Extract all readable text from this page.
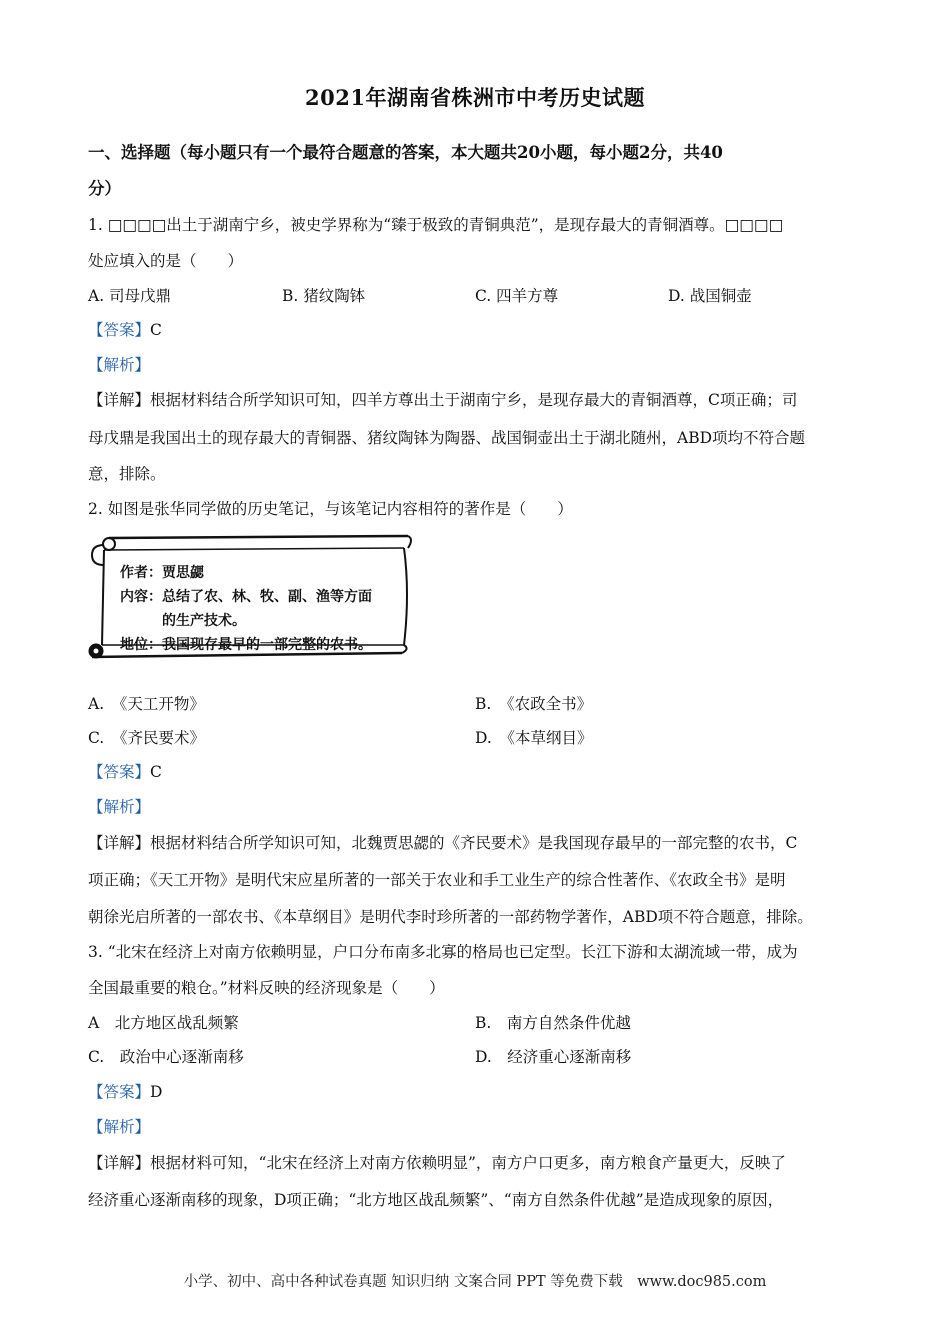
2021年湖南省株洲市中考历史试题
一、选择题（每小题只有一个最符合题意的答案，本大题共20小题，每小题2分，共40
分）
1. □□□□出土于湖南宁乡，被史学界称为“臻于极致的青铜典范”，是现存最大的青铜酒尊。□□□□
处应填入的是（　　）
A. 司母戊鼎	B. 猪纹陶钵	C. 四羊方尊	D. 战国铜壶
【答案】C
【解析】
【详解】根据材料结合所学知识可知，四羊方尊出土于湖南宁乡，是现存最大的青铜酒尊，C项正确；司
母戊鼎是我国出土的现存最大的青铜器、猪纹陶钵为陶器、战国铜壶出土于湖北随州，ABD项均不符合题
意，排除。
2. 如图是张华同学做的历史笔记，与该笔记内容相符的著作是（　　）
作者：贾思勰
内容：总结了农、林、牧、副、渔等方面
的生产技术。
地位：我国现存最早的一部完整的农书。
A.　《天工开物》	B.　《农政全书》
C.　《齐民要术》	D.　《本草纲目》
【答案】C
【解析】
【详解】根据材料结合所学知识可知，北魏贾思勰的《齐民要术》是我国现存最早的一部完整的农书，C
项正确；《天工开物》是明代宋应星所著的一部关于农业和手工业生产的综合性著作、《农政全书》是明
朝徐光启所著的一部农书、《本草纲目》是明代李时珍所著的一部药物学著作，ABD项不符合题意，排除。
3. “北宋在经济上对南方依赖明显，户口分布南多北寡的格局也已定型。长江下游和太湖流域一带，成为
全国最重要的粮仓。”材料反映的经济现象是（　　）
A　北方地区战乱频繁	B.　南方自然条件优越
C.　政治中心逐渐南移	D.　经济重心逐渐南移
【答案】D
【解析】
【详解】根据材料可知，“北宋在经济上对南方依赖明显”，南方户口更多，南方粮食产量更大，反映了
经济重心逐渐南移的现象，D项正确；“北方地区战乱频繁”、“南方自然条件优越”是造成现象的原因，
小学、初中、高中各种试卷真题 知识归纳 文案合同 PPT 等免费下载　www.doc985.com
